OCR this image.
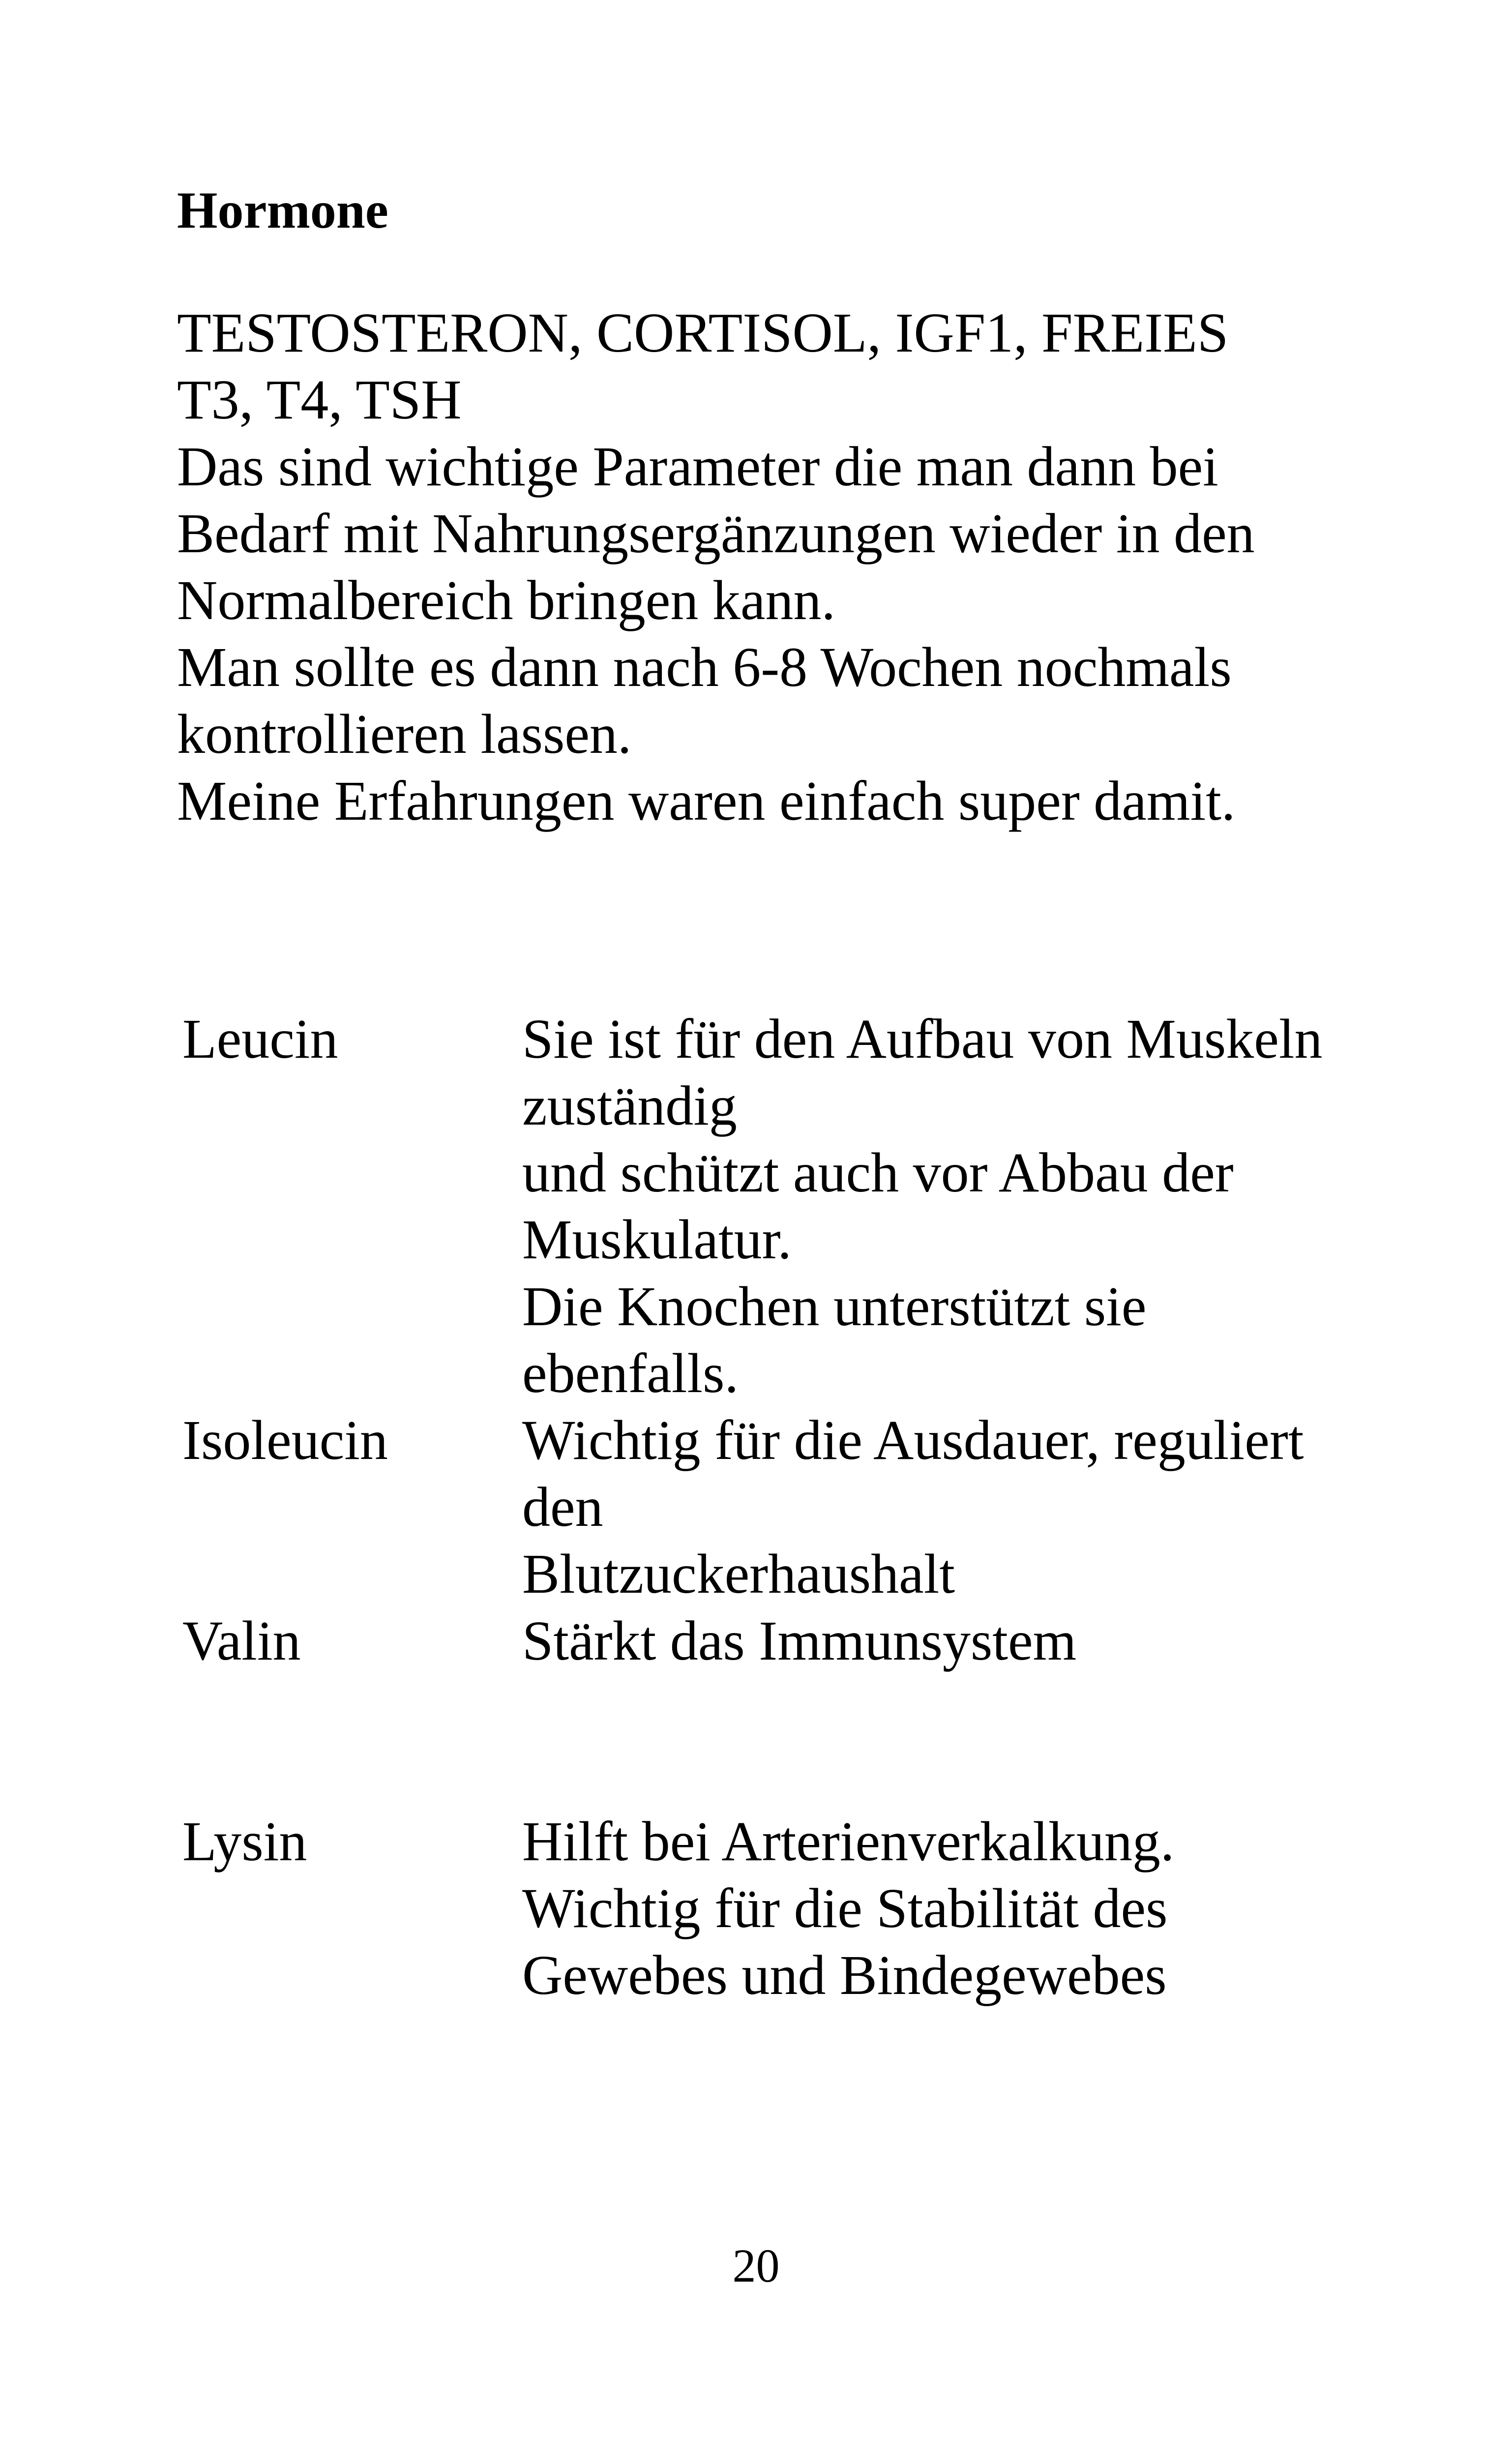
Hormone
TESTOSTERON, CORTISOL, IGF1, FREIES
T3, T4, TSH
Das sind wichtige Parameter die man dann bei
Bedarf mit Nahrungsergänzungen wieder in den
Normalbereich bringen kann.
Man sollte es dann nach 6-8 Wochen nochmals
kontrollieren lassen.
Meine Erfahrungen waren einfach super damit.
Leucin	Sie ist für den Aufbau von Muskeln
zuständig
und schützt auch vor Abbau der
Muskulatur.
Die Knochen unterstützt sie
ebenfalls.
Isoleucin Wichtig für die Ausdauer, reguliert
den
Blutzuckerhaushalt
Valin	Stärkt das Immunsystem
Lysin	Hilft bei Arterienverkalkung.
Wichtig für die Stabilität des
Gewebes und Bindegewebes
20
